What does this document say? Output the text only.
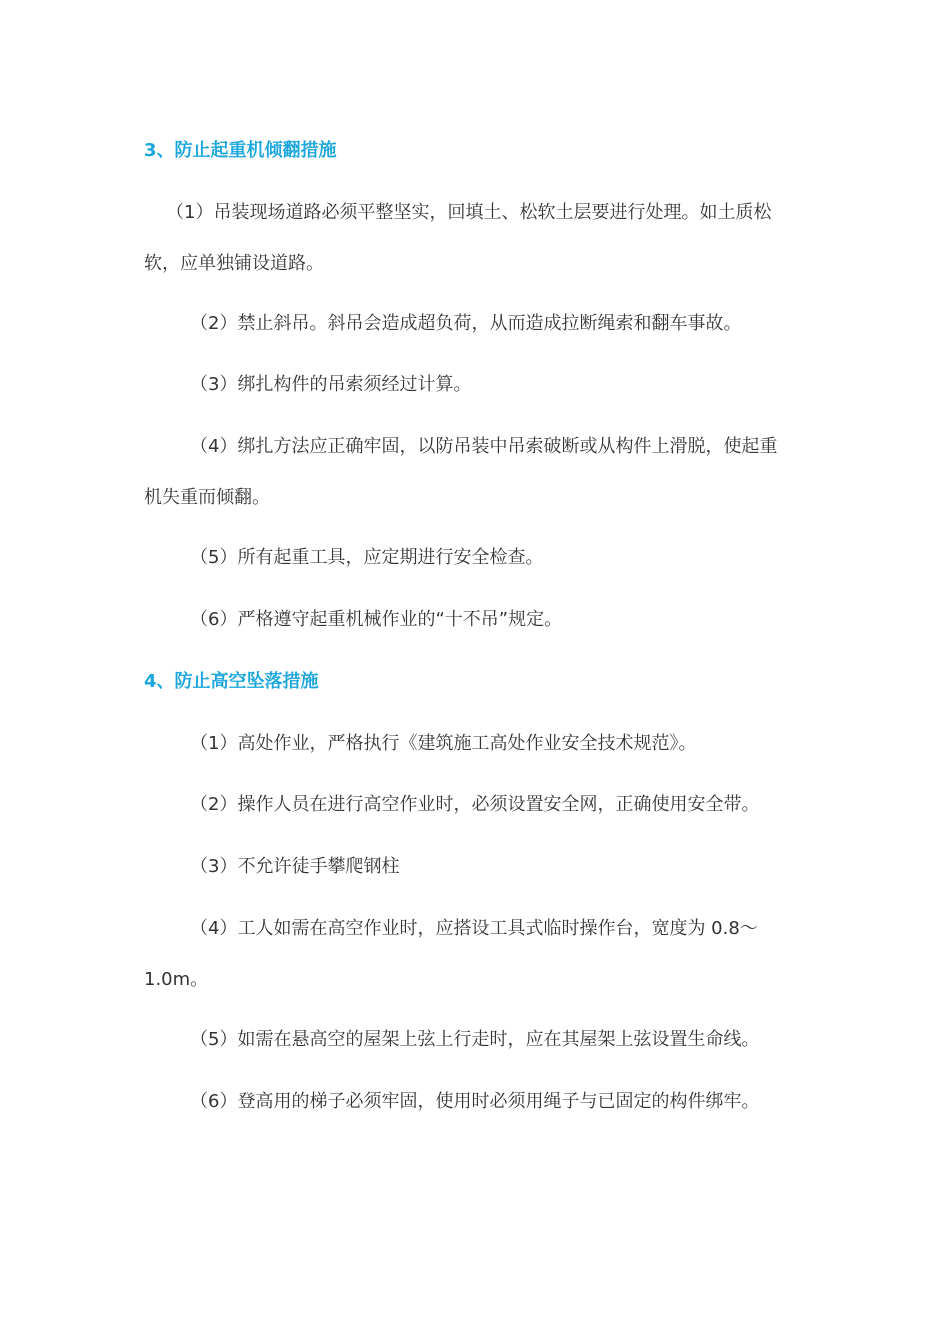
3、防止起重机倾翻措施
（1）吊装现场道路必须平整坚实，回填土、松软土层要进行处理。如土质松
软，应单独铺设道路。
（2）禁止斜吊。斜吊会造成超负荷，从而造成拉断绳索和翻车事故。
（3）绑扎构件的吊索须经过计算。
（4）绑扎方法应正确牢固，以防吊装中吊索破断或从构件上滑脱，使起重
机失重而倾翻。
（5）所有起重工具，应定期进行安全检查。
（6）严格遵守起重机械作业的“十不吊”规定。
4、防止高空坠落措施
（1）高处作业，严格执行《建筑施工高处作业安全技术规范》。
（2）操作人员在进行高空作业时，必须设置安全网，正确使用安全带。
（3）不允许徒手攀爬钢柱
（4）工人如需在高空作业时，应搭设工具式临时操作台，宽度为 0.8～
1.0m。
（5）如需在悬高空的屋架上弦上行走时，应在其屋架上弦设置生命线。
（6）登高用的梯子必须牢固，使用时必须用绳子与已固定的构件绑牢。
